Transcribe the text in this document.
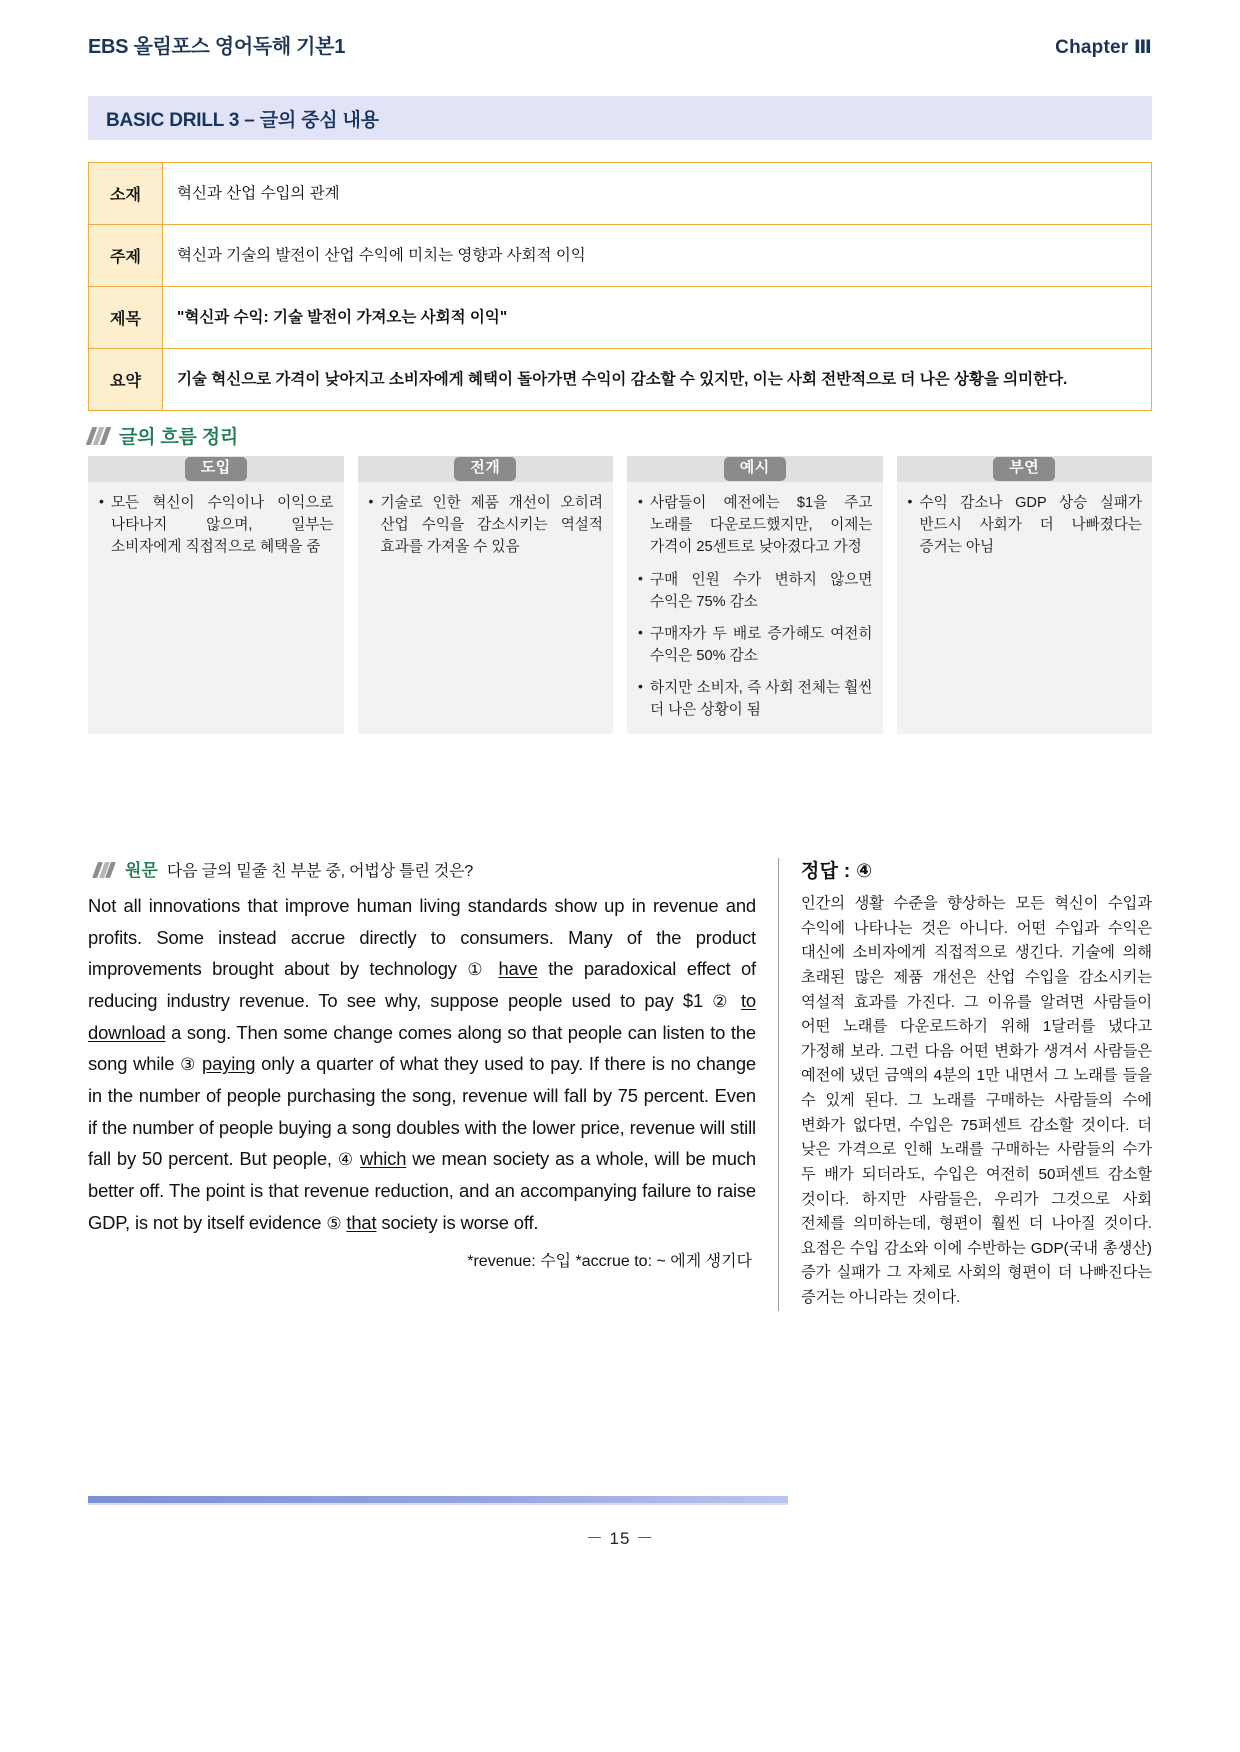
EBS 올림포스 영어독해 기본1	Chapter Ⅲ
BASIC DRILL 3 – 글의 중심 내용
소재	혁신과 산업 수입의 관계
주제	혁신과 기술의 발전이 산업 수익에 미치는 영향과 사회적 이익
제목	"혁신과 수익: 기술 발전이 가져오는 사회적 이익"
요약	기술 혁신으로 가격이 낮아지고 소비자에게 혜택이 돌아가면 수익이 감소할 수 있지만, 이는 사회 전반적으로 더 나은 상황을 의미한다.
글의 흐름 정리
도입
• 모든 혁신이 수익이나 이익으로 나타나지 않으며, 일부는 소비자에게 직접적으로 혜택을 줌
전개
• 기술로 인한 제품 개선이 오히려 산업 수익을 감소시키는 역설적 효과를 가져올 수 있음
예시
• 사람들이 예전에는 $1을 주고 노래를 다운로드했지만, 이제는 가격이 25센트로 낮아졌다고 가정
• 구매 인원 수가 변하지 않으면 수익은 75% 감소
• 구매자가 두 배로 증가해도 여전히 수익은 50% 감소
• 하지만 소비자, 즉 사회 전체는 훨씬 더 나은 상황이 됨
부연
• 수익 감소나 GDP 상승 실패가 반드시 사회가 더 나빠졌다는 증거는 아님
원문 다음 글의 밑줄 친 부분 중, 어법상 틀린 것은?
Not all innovations that improve human living standards show up in revenue and profits. Some instead accrue directly to consumers. Many of the product improvements brought about by technology ① have the paradoxical effect of reducing industry revenue. To see why, suppose people used to pay $1 ② to download a song. Then some change comes along so that people can listen to the song while ③ paying only a quarter of what they used to pay. If there is no change in the number of people purchasing the song, revenue will fall by 75 percent. Even if the number of people buying a song doubles with the lower price, revenue will still fall by 50 percent. But people, ④ which we mean society as a whole, will be much better off. The point is that revenue reduction, and an accompanying failure to raise GDP, is not by itself evidence ⑤ that society is worse off.
*revenue: 수입 *accrue to: ~ 에게 생기다
정답 : ④
인간의 생활 수준을 향상하는 모든 혁신이 수입과 수익에 나타나는 것은 아니다. 어떤 수입과 수익은 대신에 소비자에게 직접적으로 생긴다. 기술에 의해 초래된 많은 제품 개선은 산업 수입을 감소시키는 역설적 효과를 가진다. 그 이유를 알려면 사람들이 어떤 노래를 다운로드하기 위해 1달러를 냈다고 가정해 보라. 그런 다음 어떤 변화가 생겨서 사람들은 예전에 냈던 금액의 4분의 1만 내면서 그 노래를 들을 수 있게 된다. 그 노래를 구매하는 사람들의 수에 변화가 없다면, 수입은 75퍼센트 감소할 것이다. 더 낮은 가격으로 인해 노래를 구매하는 사람들의 수가 두 배가 되더라도, 수입은 여전히 50퍼센트 감소할 것이다. 하지만 사람들은, 우리가 그것으로 사회 전체를 의미하는데, 형편이 훨씬 더 나아질 것이다. 요점은 수입 감소와 이에 수반하는 GDP(국내 총생산) 증가 실패가 그 자체로 사회의 형편이 더 나빠진다는 증거는 아니라는 것이다.
－ 15 －
